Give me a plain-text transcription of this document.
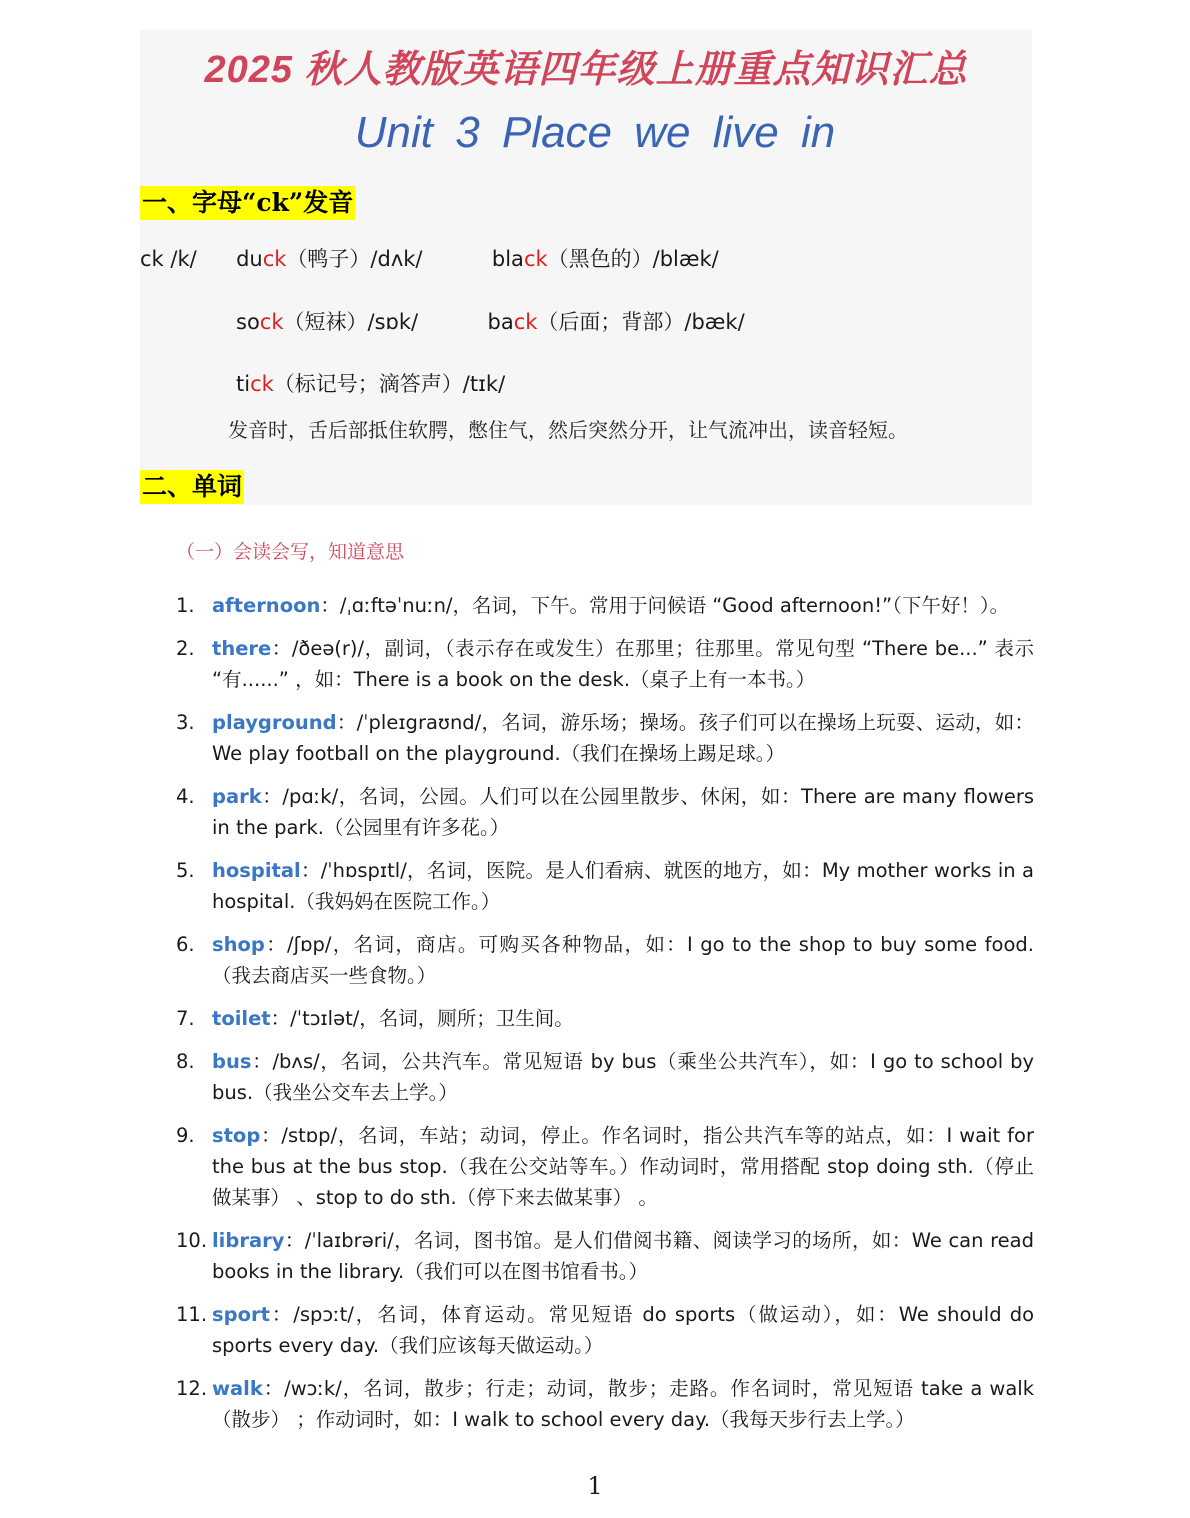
2025 秋人教版英语四年级上册重点知识汇总
Unit 3 Place we live in
一、字母“ck”发音
ck /k/ duck（鸭子）/dʌk/	black（黑色的）/blæk/
sock（短袜）/sɒk/	back（后面；背部）/bæk/
tick（标记号；滴答声）/tɪk/
发音时，舌后部抵住软腭，憋住气，然后突然分开，让气流冲出，读音轻短。
二、单词
（一）会读会写，知道意思
1. afternoon：/ˌɑːftəˈnuːn/，名词，下午。常用于问候语 “Good afternoon!”（下午好！）。
2. there：/ðeə(r)/，副词，（表示存在或发生）在那里；往那里。常见句型 “There be...” 表示 “有......” ，如：There is a book on the desk.（桌子上有一本书。）
3. playground：/ˈpleɪgraʊnd/，名词，游乐场；操场。孩子们可以在操场上玩耍、运动，如：We play football on the playground.（我们在操场上踢足球。）
4. park：/pɑːk/，名词，公园。人们可以在公园里散步、休闲，如：There are many flowers in the park.（公园里有许多花。）
5. hospital：/ˈhɒspɪtl/，名词，医院。是人们看病、就医的地方，如：My mother works in a hospital.（我妈妈在医院工作。）
6. shop：/ʃɒp/，名词，商店。可购买各种物品，如：I go to the shop to buy some food.（我去商店买一些食物。）
7. toilet：/ˈtɔɪlət/，名词，厕所；卫生间。
8. bus：/bʌs/，名词，公共汽车。常见短语 by bus（乘坐公共汽车），如：I go to school by bus.（我坐公交车去上学。）
9. stop：/stɒp/，名词，车站；动词，停止。作名词时，指公共汽车等的站点，如：I wait for the bus at the bus stop.（我在公交站等车。）作动词时，常用搭配 stop doing sth.（停止做某事） 、stop to do sth.（停下来去做某事） 。
10. library：/ˈlaɪbrəri/，名词，图书馆。是人们借阅书籍、阅读学习的场所，如：We can read books in the library.（我们可以在图书馆看书。）
11. sport：/spɔːt/，名词，体育运动。常见短语 do sports（做运动），如：We should do sports every day.（我们应该每天做运动。）
12. walk：/wɔːk/，名词，散步；行走；动词，散步；走路。作名词时，常见短语 take a walk（散步） ；作动词时，如：I walk to school every day.（我每天步行去上学。）
1
